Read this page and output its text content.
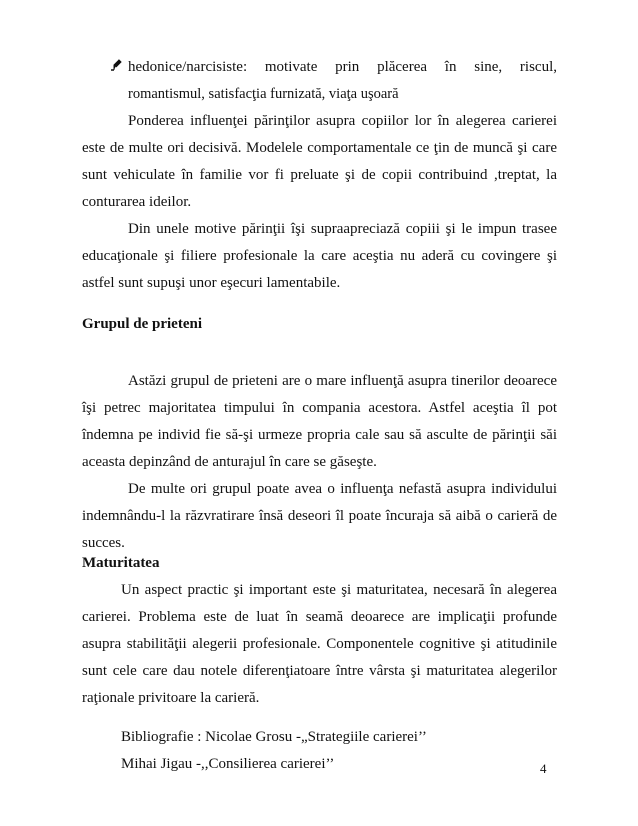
hedonice/narcisiste: motivate prin plăcerea în sine, riscul,
romantismul, satisfacţia furnizată, viaţa uşoară
Ponderea influenţei părinţilor asupra copiilor lor în alegerea carierei
este de multe ori decisivă. Modelele comportamentale ce ţin de muncă şi care
sunt vehiculate în familie vor fi preluate şi de copii contribuind ,treptat, la
conturarea ideilor.
Din unele motive părinţii îşi supraapreciază copiii şi le impun trasee
educaţionale şi filiere profesionale la care aceştia nu aderă cu covingere şi
astfel sunt supuşi unor eşecuri lamentabile.
Grupul de prieteni
Astăzi grupul de prieteni are o mare influenţă asupra tinerilor deoarece
îşi petrec majoritatea timpului în compania acestora. Astfel aceştia îl pot
îndemna pe individ fie să-şi urmeze propria cale sau să asculte de părinţii săi
aceasta depinzând de anturajul în care se găseşte.
De multe ori grupul poate avea o influenţa nefastă asupra individului
indemnându-l la răzvratirare însă deseori îl poate încuraja să aibă o carieră de
succes.
Maturitatea
Un aspect practic şi important este şi maturitatea, necesară în alegerea
carierei. Problema este de luat în seamă deoarece are implicaţii profunde
asupra stabilităţii alegerii profesionale. Componentele cognitive şi atitudinile
sunt cele care dau notele diferenţiatoare între vârsta şi maturitatea alegerilor
raţionale privitoare la carieră.
Bibliografie : Nicolae Grosu -„Strategiile carierei’’
Mihai Jigau -,,Consilierea carierei’’	4
